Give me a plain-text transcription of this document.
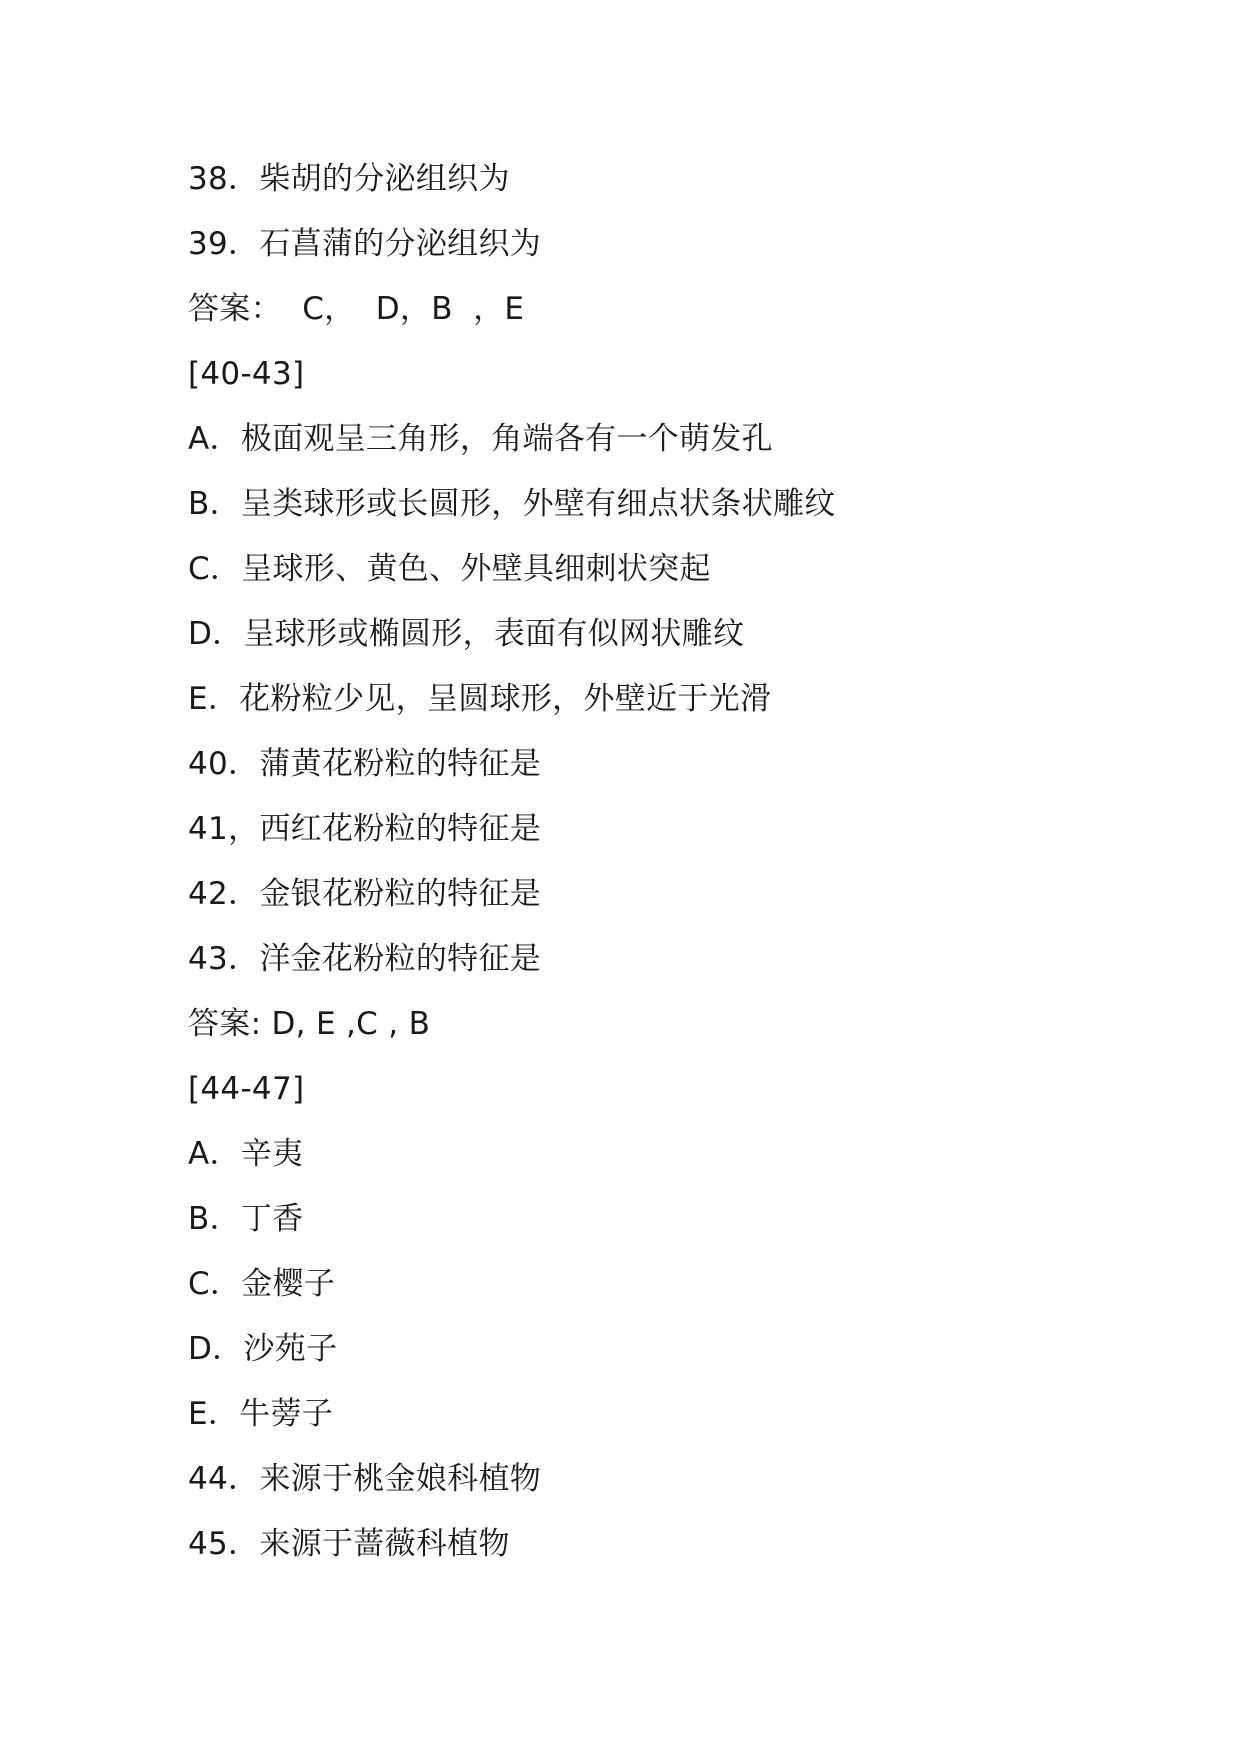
38．柴胡的分泌组织为
39．石菖蒲的分泌组织为
答案：  C，  D，B  ，E
[40-43]
A．极面观呈三角形，角端各有一个萌发孔
B．呈类球形或长圆形，外壁有细点状条状雕纹
C．呈球形、黄色、外壁具细刺状突起
D．呈球形或椭圆形，表面有似网状雕纹
E．花粉粒少见，呈圆球形，外壁近于光滑
40．蒲黄花粉粒的特征是
41，西红花粉粒的特征是
42．金银花粉粒的特征是
43．洋金花粉粒的特征是
答案: D, E ,C , B
[44-47]
A．辛夷
B．丁香
C．金樱子
D．沙苑子
E．牛蒡子
44．来源于桃金娘科植物
45．来源于蔷薇科植物
